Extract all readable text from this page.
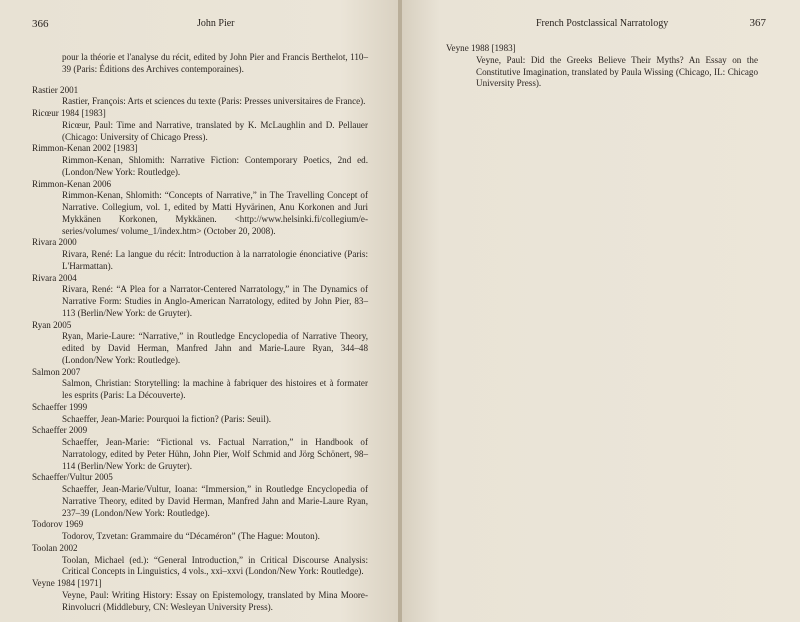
366	John Pier

pour la théorie et l'analyse du récit, edited by John Pier and Francis Berthelot, 110–39 (Paris: Éditions des Archives contemporaines).

Rastier 2001

Rastier, François: Arts et sciences du texte (Paris: Presses universitaires de France).

Ricœur 1984 [1983]

Ricœur, Paul: Time and Narrative, translated by K. McLaughlin and D. Pellauer (Chicago: University of Chicago Press).

Rimmon-Kenan 2002 [1983]

Rimmon-Kenan, Shlomith: Narrative Fiction: Contemporary Poetics, 2nd ed. (London/New York: Routledge).

Rimmon-Kenan 2006

Rimmon-Kenan, Shlomith: “Concepts of Narrative,” in The Travelling Concept of Narrative. Collegium, vol. 1, edited by Matti Hyvärinen, Anu Korkonen and Juri Mykkänen Korkonen, Mykkänen. <http://www.helsinki.fi/collegium/e-series/volumes/ volume_1/index.htm> (October 20, 2008).

Rivara 2000

Rivara, René: La langue du récit: Introduction à la narratologie énonciative (Paris: L'Harmattan).

Rivara 2004

Rivara, René: “A Plea for a Narrator-Centered Narratology,” in The Dynamics of Narrative Form: Studies in Anglo-American Narratology, edited by John Pier, 83–113 (Berlin/New York: de Gruyter).

Ryan 2005

Ryan, Marie-Laure: “Narrative,” in Routledge Encyclopedia of Narrative Theory, edited by David Herman, Manfred Jahn and Marie-Laure Ryan, 344–48 (London/New York: Routledge).

Salmon 2007

Salmon, Christian: Storytelling: la machine à fabriquer des histoires et à formater les esprits (Paris: La Découverte).

Schaeffer 1999

Schaeffer, Jean-Marie: Pourquoi la fiction? (Paris: Seuil).

Schaeffer 2009

Schaeffer, Jean-Marie: “Fictional vs. Factual Narration,” in Handbook of Narratology, edited by Peter Hühn, John Pier, Wolf Schmid and Jörg Schönert, 98–114 (Berlin/New York: de Gruyter).

Schaeffer/Vultur 2005

Schaeffer, Jean-Marie/Vultur, Ioana: “Immersion,” in Routledge Encyclopedia of Narrative Theory, edited by David Herman, Manfred Jahn and Marie-Laure Ryan, 237–39 (London/New York: Routledge).

Todorov 1969

Todorov, Tzvetan: Grammaire du “Décaméron” (The Hague: Mouton).

Toolan 2002

Toolan, Michael (ed.): “General Introduction,” in Critical Discourse Analysis: Critical Concepts in Linguistics, 4 vols., xxi–xxvi (London/New York: Routledge).

Veyne 1984 [1971]

Veyne, Paul: Writing History: Essay on Epistemology, translated by Mina Moore-Rinvolucri (Middlebury, CN: Wesleyan University Press).

French Postclassical Narratology	367

Veyne 1988 [1983]

Veyne, Paul: Did the Greeks Believe Their Myths? An Essay on the Constitutive Imagination, translated by Paula Wissing (Chicago, IL: Chicago University Press).
